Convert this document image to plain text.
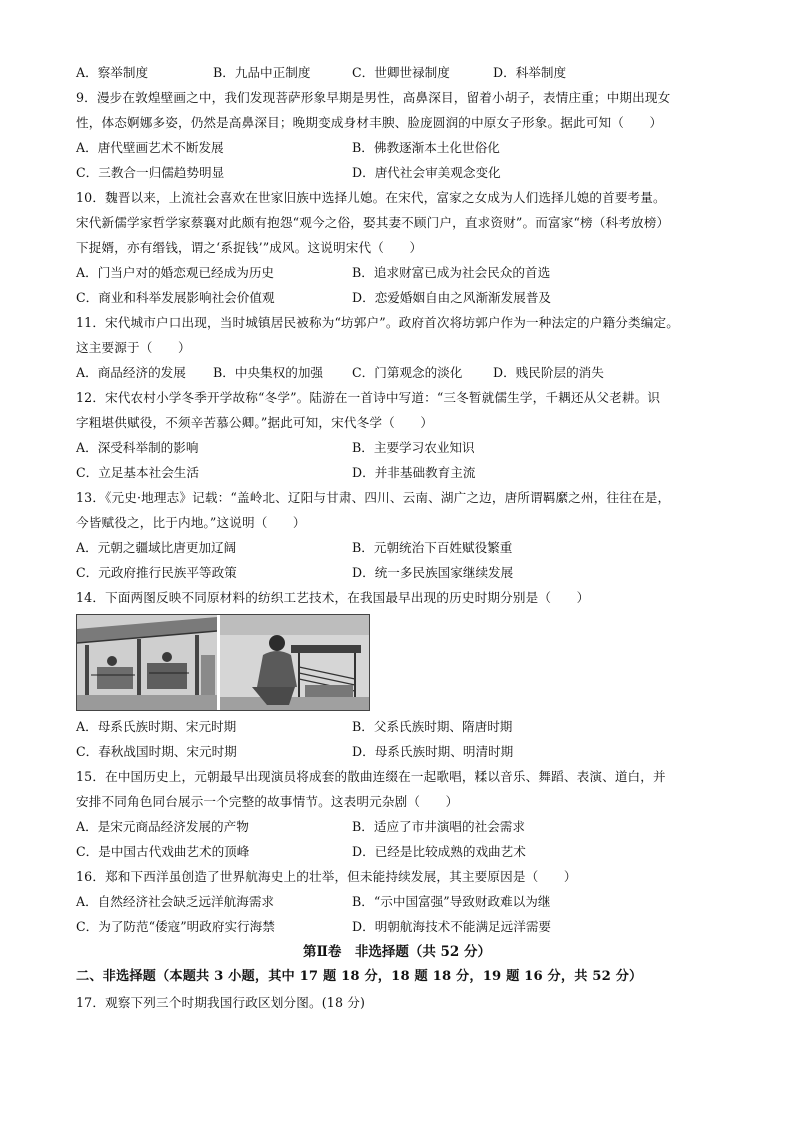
A．察举制度	B．九品中正制度	C．世卿世禄制度	D．科举制度
9．漫步在敦煌壁画之中，我们发现菩萨形象早期是男性，高鼻深目，留着小胡子，表情庄重；中期出现女
性，体态婀娜多姿，仍然是高鼻深目；晚期变成身材丰腴、脸庞圆润的中原女子形象。据此可知（　　）
A．唐代壁画艺术不断发展	B．佛教逐渐本土化世俗化
C．三教合一归儒趋势明显	D．唐代社会审美观念变化
10．魏晋以来，上流社会喜欢在世家旧族中选择儿媳。在宋代，富家之女成为人们选择儿媳的首要考量。
宋代新儒学家哲学家蔡襄对此颇有抱怨“观今之俗，娶其妻不顾门户，直求资财”。而富家“榜（科考放榜）
下捉婿，亦有缗钱，谓之‘系捉钱’”成风。这说明宋代（　　）
A．门当户对的婚恋观已经成为历史	B．追求财富已成为社会民众的首选
C．商业和科举发展影响社会价值观	D．恋爱婚姻自由之风渐渐发展普及
11．宋代城市户口出现，当时城镇居民被称为“坊郭户”。政府首次将坊郭户作为一种法定的户籍分类编定。
这主要源于（　　）
A．商品经济的发展 B．中央集权的加强 C．门第观念的淡化 D．贱民阶层的消失
12．宋代农村小学冬季开学故称“冬学”。陆游在一首诗中写道：“三冬暂就儒生学，千耦还从父老耕。识
字粗堪供赋役，不须辛苦慕公卿。”据此可知，宋代冬学（　　）
A．深受科举制的影响	B．主要学习农业知识
C．立足基本社会生活	D．并非基础教育主流
13．《元史·地理志》记载：“盖岭北、辽阳与甘肃、四川、云南、湖广之边，唐所谓羁縻之州，往往在是，
今皆赋役之，比于内地。”这说明（　　）
A．元朝之疆域比唐更加辽阔	B．元朝统治下百姓赋役繁重
C．元政府推行民族平等政策	D．统一多民族国家继续发展
14．下面两图反映不同原材料的纺织工艺技术，在我国最早出现的历史时期分别是（　　）
A．母系氏族时期、宋元时期	B．父系氏族时期、隋唐时期
C．春秋战国时期、宋元时期	D．母系氏族时期、明清时期
15．在中国历史上，元朝最早出现演员将成套的散曲连缀在一起歌唱，糅以音乐、舞蹈、表演、道白，并
安排不同角色同台展示一个完整的故事情节。这表明元杂剧（　　）
A．是宋元商品经济发展的产物	B．适应了市井演唱的社会需求
C．是中国古代戏曲艺术的顶峰	D．已经是比较成熟的戏曲艺术
16．郑和下西洋虽创造了世界航海史上的壮举，但未能持续发展，其主要原因是（　　）
A．自然经济社会缺乏远洋航海需求	B．“示中国富强”导致财政难以为继
C．为了防范“倭寇”明政府实行海禁	D．明朝航海技术不能满足远洋需要
第Ⅱ卷　非选择题（共 52 分）
二、非选择题（本题共 3 小题，其中 17 题 18 分，18 题 18 分，19 题 16 分，共 52 分）
17．观察下列三个时期我国行政区划分图。(18 分)
